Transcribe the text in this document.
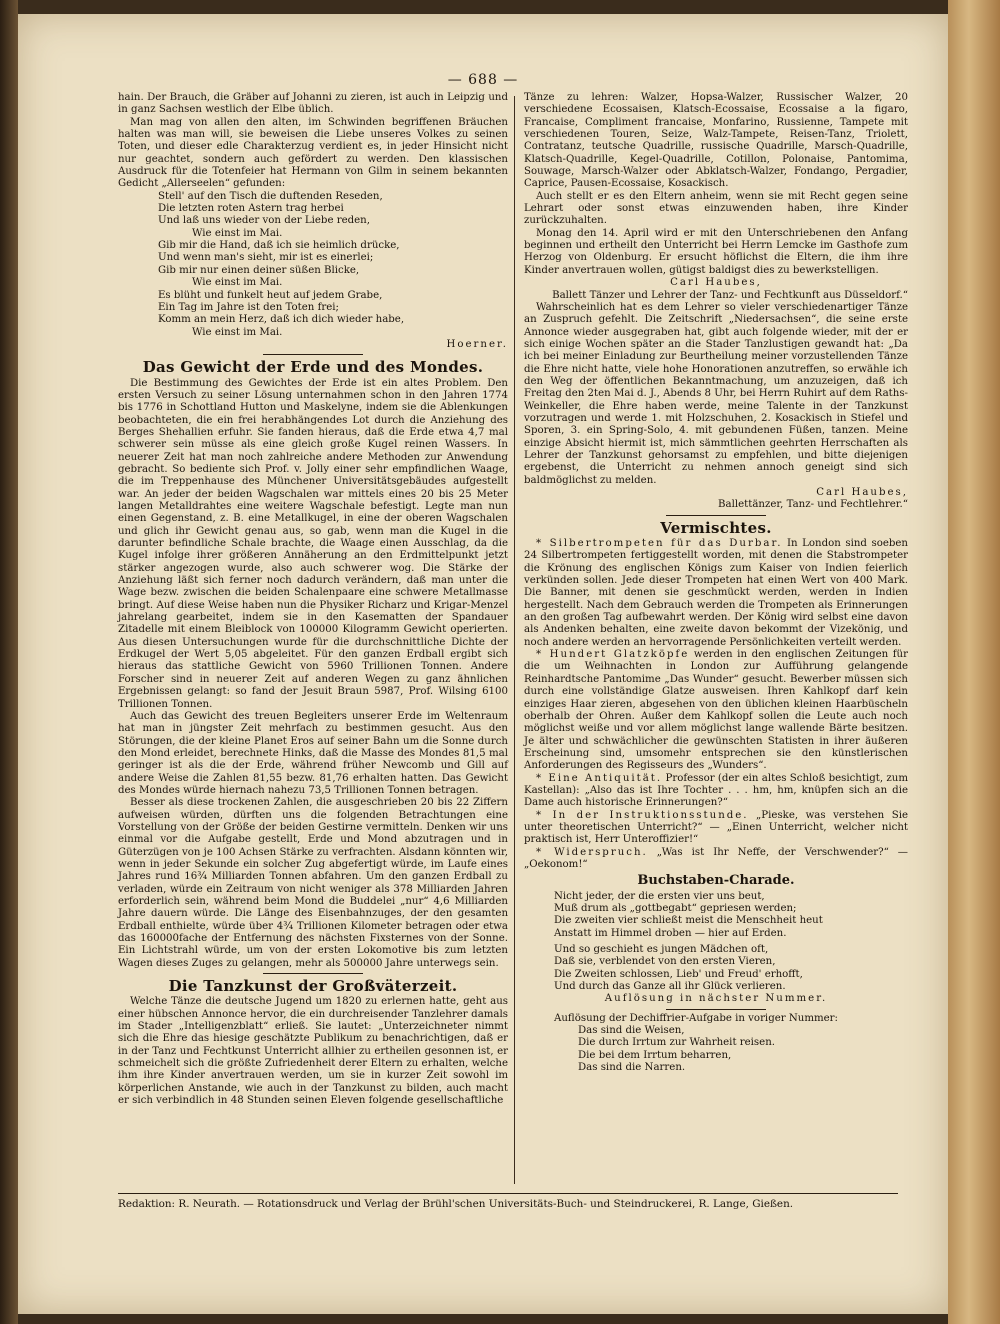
— 688 —

hain. Der Brauch, die Gräber auf Johanni zu zieren, ist auch in Leipzig und in ganz Sachsen westlich der Elbe üblich.

Man mag von allen den alten, im Schwinden begriffenen Bräuchen halten was man will, sie beweisen die Liebe unseres Volkes zu seinen Toten, und dieser edle Charakterzug verdient es, in jeder Hinsicht nicht nur geachtet, sondern auch gefördert zu werden. Den klassischen Ausdruck für die Totenfeier hat Hermann von Gilm in seinem bekannten Gedicht „Allerseelen“ gefunden:

Stell' auf den Tisch die duftenden Reseden,
Die letzten roten Astern trag herbei
Und laß uns wieder von der Liebe reden,
Wie einst im Mai.
Gib mir die Hand, daß ich sie heimlich drücke,
Und wenn man's sieht, mir ist es einerlei;
Gib mir nur einen deiner süßen Blicke,
Wie einst im Mai.
Es blüht und funkelt heut auf jedem Grabe,
Ein Tag im Jahre ist den Toten frei;
Komm an mein Herz, daß ich dich wieder habe,
Wie einst im Mai.
Hoerner.
Das Gewicht der Erde und des Mondes.

Die Bestimmung des Gewichtes der Erde ist ein altes Problem. Den ersten Versuch zu seiner Lösung unternahmen schon in den Jahren 1774 bis 1776 in Schottland Hutton und Maskelyne, indem sie die Ablenkungen beobachteten, die ein frei herabhängendes Lot durch die Anziehung des Berges Shehallien erfuhr. Sie fanden hieraus, daß die Erde etwa 4,7 mal schwerer sein müsse als eine gleich große Kugel reinen Wassers. In neuerer Zeit hat man noch zahlreiche andere Methoden zur Anwendung gebracht. So bediente sich Prof. v. Jolly einer sehr empfindlichen Waage, die im Treppenhause des Münchener Universitätsgebäudes aufgestellt war. An jeder der beiden Wagschalen war mittels eines 20 bis 25 Meter langen Metalldrahtes eine weitere Wagschale befestigt. Legte man nun einen Gegenstand, z. B. eine Metallkugel, in eine der oberen Wagschalen und glich ihr Gewicht genau aus, so gab, wenn man die Kugel in die darunter befindliche Schale brachte, die Waage einen Ausschlag, da die Kugel infolge ihrer größeren Annäherung an den Erdmittelpunkt jetzt stärker angezogen wurde, also auch schwerer wog. Die Stärke der Anziehung läßt sich ferner noch dadurch verändern, daß man unter die Wage bezw. zwischen die beiden Schalenpaare eine schwere Metallmasse bringt. Auf diese Weise haben nun die Physiker Richarz und Krigar-Menzel jahrelang gearbeitet, indem sie in den Kasematten der Spandauer Zitadelle mit einem Bleiblock von 100000 Kilogramm Gewicht operierten. Aus diesen Untersuchungen wurde für die durchschnittliche Dichte der Erdkugel der Wert 5,05 abgeleitet. Für den ganzen Erdball ergibt sich hieraus das stattliche Gewicht von 5960 Trillionen Tonnen. Andere Forscher sind in neuerer Zeit auf anderen Wegen zu ganz ähnlichen Ergebnissen gelangt: so fand der Jesuit Braun 5987, Prof. Wilsing 6100 Trillionen Tonnen.

Auch das Gewicht des treuen Begleiters unserer Erde im Weltenraum hat man in jüngster Zeit mehrfach zu bestimmen gesucht. Aus den Störungen, die der kleine Planet Eros auf seiner Bahn um die Sonne durch den Mond erleidet, berechnete Hinks, daß die Masse des Mondes 81,5 mal geringer ist als die der Erde, während früher Newcomb und Gill auf andere Weise die Zahlen 81,55 bezw. 81,76 erhalten hatten. Das Gewicht des Mondes würde hiernach nahezu 73,5 Trillionen Tonnen betragen.

Besser als diese trockenen Zahlen, die ausgeschrieben 20 bis 22 Ziffern aufweisen würden, dürften uns die folgenden Betrachtungen eine Vorstellung von der Größe der beiden Gestirne vermitteln. Denken wir uns einmal vor die Aufgabe gestellt, Erde und Mond abzutragen und in Güterzügen von je 100 Achsen Stärke zu verfrachten. Alsdann könnten wir, wenn in jeder Sekunde ein solcher Zug abgefertigt würde, im Laufe eines Jahres rund 16¾ Milliarden Tonnen abfahren. Um den ganzen Erdball zu verladen, würde ein Zeitraum von nicht weniger als 378 Milliarden Jahren erforderlich sein, während beim Mond die Buddelei „nur“ 4,6 Milliarden Jahre dauern würde. Die Länge des Eisenbahnzuges, der den gesamten Erdball enthielte, würde über 4¾ Trillionen Kilometer betragen oder etwa das 160000fache der Entfernung des nächsten Fixsternes von der Sonne. Ein Lichtstrahl würde, um von der ersten Lokomotive bis zum letzten Wagen dieses Zuges zu gelangen, mehr als 500000 Jahre unterwegs sein.

Die Tanzkunst der Großväterzeit.

Welche Tänze die deutsche Jugend um 1820 zu erlernen hatte, geht aus einer hübschen Annonce hervor, die ein durchreisender Tanzlehrer damals im Stader „Intelligenzblatt“ erließ. Sie lautet: „Unterzeichneter nimmt sich die Ehre das hiesige geschätzte Publikum zu benachrichtigen, daß er in der Tanz und Fechtkunst Unterricht allhier zu ertheilen gesonnen ist, er schmeichelt sich die größte Zufriedenheit derer Eltern zu erhalten, welche ihm ihre Kinder anvertrauen werden, um sie in kurzer Zeit sowohl im körperlichen Anstande, wie auch in der Tanzkunst zu bilden, auch macht er sich verbindlich in 48 Stunden seinen Eleven folgende gesellschaftliche

Tänze zu lehren: Walzer, Hopsa-Walzer, Russischer Walzer, 20 verschiedene Ecossaisen, Klatsch-Ecossaise, Ecossaise a la figaro, Francaise, Compliment francaise, Monfarino, Russienne, Tampete mit verschiedenen Touren, Seize, Walz-Tampete, Reisen-Tanz, Triolett, Contratanz, teutsche Quadrille, russische Quadrille, Marsch-Quadrille, Klatsch-Quadrille, Kegel-Quadrille, Cotillon, Polonaise, Pantomima, Souwage, Marsch-Walzer oder Abklatsch-Walzer, Fondango, Pergadier, Caprice, Pausen-Ecossaise, Kosackisch.

Auch stellt er es den Eltern anheim, wenn sie mit Recht gegen seine Lehrart oder sonst etwas einzuwenden haben, ihre Kinder zurückzuhalten.

Monag den 14. April wird er mit den Unterschriebenen den Anfang beginnen und ertheilt den Unterricht bei Herrn Lemcke im Gasthofe zum Herzog von Oldenburg. Er ersucht höflichst die Eltern, die ihm ihre Kinder anvertrauen wollen, gütigst baldigst dies zu bewerkstelligen.

Carl Haubes,
Ballett Tänzer und Lehrer der Tanz- und Fechtkunft aus Düsseldorf.“

Wahrscheinlich hat es dem Lehrer so vieler verschiedenartiger Tänze an Zuspruch gefehlt. Die Zeitschrift „Niedersachsen“, die seine erste Annonce wieder ausgegraben hat, gibt auch folgende wieder, mit der er sich einige Wochen später an die Stader Tanzlustigen gewandt hat: „Da ich bei meiner Einladung zur Beurtheilung meiner vorzustellenden Tänze die Ehre nicht hatte, viele hohe Honorationen anzutreffen, so erwähle ich den Weg der öffentlichen Bekanntmachung, um anzuzeigen, daß ich Freitag den 2ten Mai d. J., Abends 8 Uhr, bei Herrn Ruhirt auf dem Raths-Weinkeller, die Ehre haben werde, meine Talente in der Tanzkunst vorzutragen und werde 1. mit Holzschuhen, 2. Kosackisch in Stiefel und Sporen, 3. ein Spring-Solo, 4. mit gebundenen Füßen, tanzen. Meine einzige Absicht hiermit ist, mich sämmtlichen geehrten Herrschaften als Lehrer der Tanzkunst gehorsamst zu empfehlen, und bitte diejenigen ergebenst, die Unterricht zu nehmen annoch geneigt sind sich baldmöglichst zu melden.

Carl Haubes,
Ballettänzer, Tanz- und Fechtlehrer.“
Vermischtes.

* Silbertrompeten für das Durbar. In London sind soeben 24 Silbertrompeten fertiggestellt worden, mit denen die Stabstrompeter die Krönung des englischen Königs zum Kaiser von Indien feierlich verkünden sollen. Jede dieser Trompeten hat einen Wert von 400 Mark. Die Banner, mit denen sie geschmückt werden, werden in Indien hergestellt. Nach dem Gebrauch werden die Trompeten als Erinnerungen an den großen Tag aufbewahrt werden. Der König wird selbst eine davon als Andenken behalten, eine zweite davon bekommt der Vizekönig, und noch andere werden an hervorragende Persönlichkeiten verteilt werden.

* Hundert Glatzköpfe werden in den englischen Zeitungen für die um Weihnachten in London zur Aufführung gelangende Reinhardtsche Pantomime „Das Wunder“ gesucht. Bewerber müssen sich durch eine vollständige Glatze ausweisen. Ihren Kahlkopf darf kein einziges Haar zieren, abgesehen von den üblichen kleinen Haarbüscheln oberhalb der Ohren. Außer dem Kahlkopf sollen die Leute auch noch möglichst weiße und vor allem möglichst lange wallende Bärte besitzen. Je älter und schwächlicher die gewünschten Statisten in ihrer äußeren Erscheinung sind, umsomehr entsprechen sie den künstlerischen Anforderungen des Regisseurs des „Wunders“.

* Eine Antiquität. Professor (der ein altes Schloß besichtigt, zum Kastellan): „Also das ist Ihre Tochter . . . hm, hm, knüpfen sich an die Dame auch historische Erinnerungen?“

* In der Instruktionsstunde. „Pieske, was verstehen Sie unter theoretischen Unterricht?“ — „Einen Unterricht, welcher nicht praktisch ist, Herr Unteroffizier!“

* Widerspruch. „Was ist Ihr Neffe, der Verschwender?“ — „Oekonom!“

Buchstaben-Charade.
Nicht jeder, der die ersten vier uns beut,
Muß drum als „gottbegabt“ gepriesen werden;
Die zweiten vier schließt meist die Menschheit heut
Anstatt im Himmel droben — hier auf Erden.
Und so geschieht es jungen Mädchen oft,
Daß sie, verblendet von den ersten Vieren,
Die Zweiten schlossen, Lieb' und Freud' erhofft,
Und durch das Ganze all ihr Glück verlieren.
Auflösung in nächster Nummer.
Auflösung der Dechiffrier-Aufgabe in voriger Nummer:
Das sind die Weisen,
Die durch Irrtum zur Wahrheit reisen.
Die bei dem Irrtum beharren,
Das sind die Narren.
Redaktion: R. Neurath. — Rotationsdruck und Verlag der Brühl'schen Universitäts-Buch- und Steindruckerei, R. Lange, Gießen.
